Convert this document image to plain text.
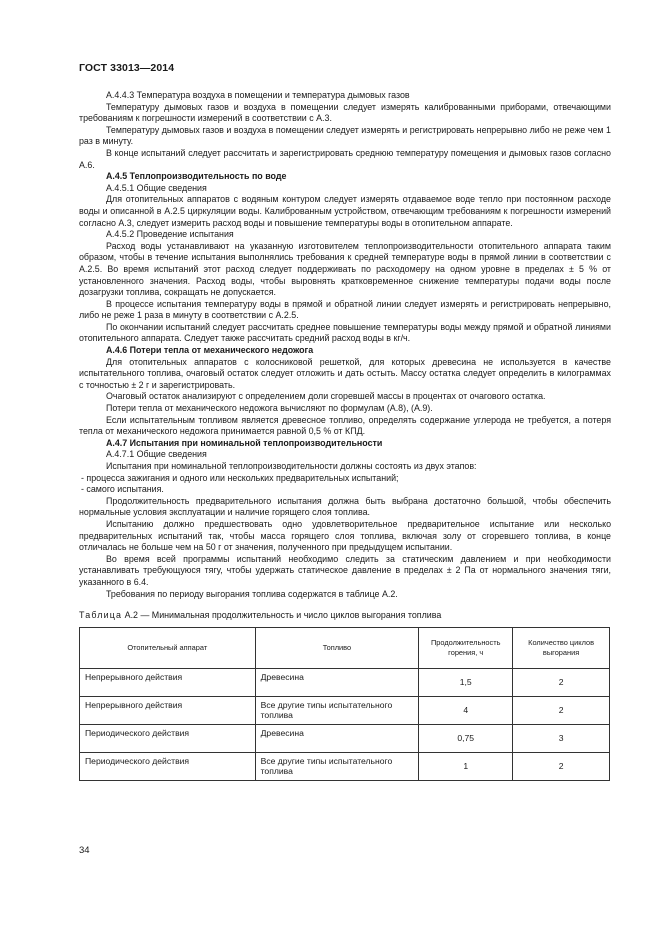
ГОСТ 33013—2014

А.4.4.3 Температура воздуха в помещении и температура дымовых газов

Температуру дымовых газов и воздуха в помещении следует измерять калиброванными приборами, отвечающими требованиям к погрешности измерений в соответствии с А.3.

Температуру дымовых газов и воздуха в помещении следует измерять и регистрировать непрерывно либо не реже чем 1 раз в минуту.

В конце испытаний следует рассчитать и зарегистрировать среднюю температуру помещения и дымовых газов согласно А.6.

А.4.5 Теплопроизводительность по воде

А.4.5.1 Общие сведения

Для отопительных аппаратов с водяным контуром следует измерять отдаваемое воде тепло при постоянном расходе воды и описанной в А.2.5 циркуляции воды. Калиброванным устройством, отвечающим требованиям к погрешности измерений согласно А.3, следует измерить расход воды и повышение температуры воды в отопительном аппарате.

А.4.5.2 Проведение испытания

Расход воды устанавливают на указанную изготовителем теплопроизводительности отопительного аппарата таким образом, чтобы в течение испытания выполнялись требования к средней температуре воды в прямой линии в соответствии с А.2.5. Во время испытаний этот расход следует поддерживать по расходомеру на одном уровне в пределах ± 5 % от установленного значения. Расход воды, чтобы выровнять кратковременное снижение температуры подачи воды после дозагрузки топлива, сокращать не допускается.

В процессе испытания температуру воды в прямой и обратной линии следует измерять и регистрировать непрерывно, либо не реже 1 раза в минуту в соответствии с А.2.5.

По окончании испытаний следует рассчитать среднее повышение температуры воды между прямой и обратной линиями отопительного аппарата. Следует также рассчитать средний расход воды в кг/ч.

А.4.6 Потери тепла от механического недожога

Для отопительных аппаратов с колосниковой решеткой, для которых древесина не используется в качестве испытательного топлива, очаговый остаток следует отложить и дать остыть. Массу остатка следует определить в килограммах с точностью ± 2 г и зарегистрировать.

Очаговый остаток анализируют с определением доли сгоревшей массы в процентах от очагового остатка.

Потери тепла от механического недожога вычисляют по формулам (А.8), (А.9).

Если испытательным топливом является древесное топливо, определять содержание углерода не требуется, а потеря тепла от механического недожога принимается равной 0,5 % от КПД.

А.4.7 Испытания при номинальной теплопроизводительности

А.4.7.1 Общие сведения

Испытания при номинальной теплопроизводительности должны состоять из двух этапов:

- процесса зажигания и одного или нескольких предварительных испытаний;

- самого испытания.

Продолжительность предварительного испытания должна быть выбрана достаточно большой, чтобы обеспечить нормальные условия эксплуатации и наличие горящего слоя топлива.

Испытанию должно предшествовать одно удовлетворительное предварительное испытание или несколько предварительных испытаний так, чтобы масса горящего слоя топлива, включая золу от сгоревшего топлива, в конце отличалась не больше чем на 50 г от значения, полученного при предыдущем испытании.

Во время всей программы испытаний необходимо следить за статическим давлением и при необходимости устанавливать требующуюся тягу, чтобы удержать статическое давление в пределах ± 2 Па от нормального значения тяги, указанного в 6.4.

Требования по периоду выгорания топлива содержатся в таблице А.2.

Таблица А.2 — Минимальная продолжительность и число циклов выгорания топлива
Отопительный аппарат	Топливо	Продолжительность горения, ч	Количество циклов выгорания
Непрерывного действия	Древесина	1,5	2
Непрерывного действия	Все другие типы испытательного топлива	4	2
Периодического действия	Древесина	0,75	3
Периодического действия	Все другие типы испытательного топлива	1	2
34
